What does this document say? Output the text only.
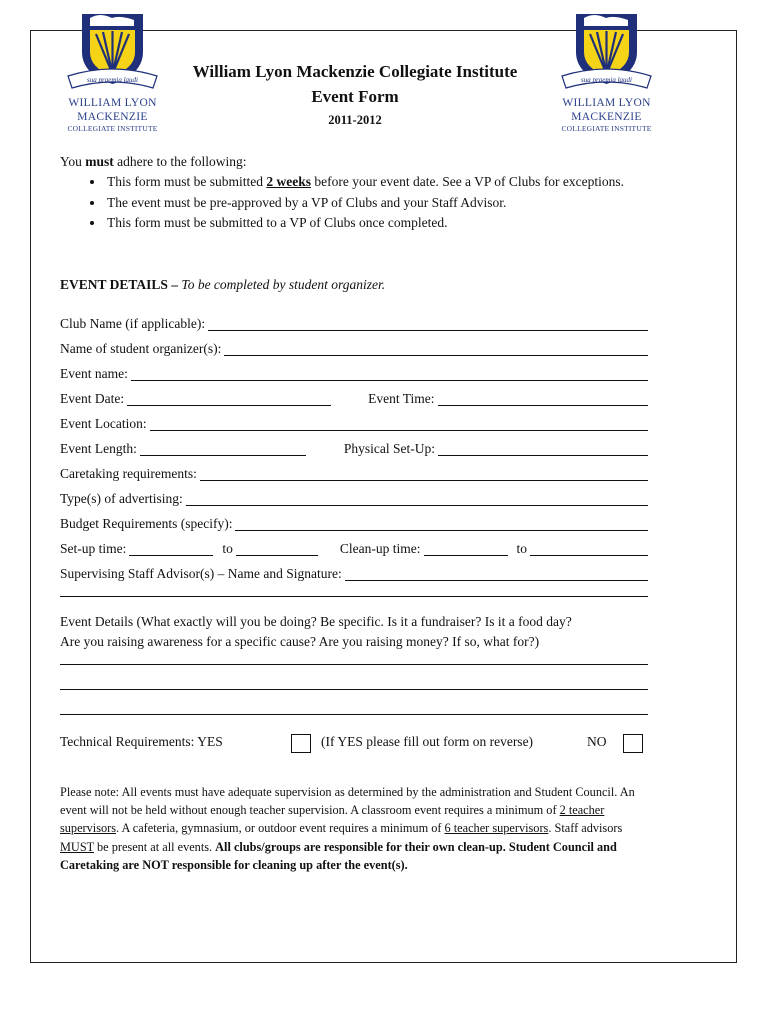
sua praemia laudi
WILLIAM LYON
MACKENZIE
COLLEGIATE INSTITUTE
sua praemia laudi
WILLIAM LYON
MACKENZIE
COLLEGIATE INSTITUTE
William Lyon Mackenzie Collegiate Institute
Event Form
2011-2012
You must adhere to the following:
• This form must be submitted 2 weeks before your event date. See a VP of Clubs for exceptions.
• The event must be pre-approved by a VP of Clubs and your Staff Advisor.
• This form must be submitted to a VP of Clubs once completed.
EVENT DETAILS – To be completed by student organizer.
Club Name (if applicable):
Name of student organizer(s):
Event name:
Event Date:	Event Time:
Event Location:
Event Length:	Physical Set-Up:
Caretaking requirements:
Type(s) of advertising:
Budget Requirements (specify):
Set-up time:	to	Clean-up time:	to
Supervising Staff Advisor(s) – Name and Signature:
Event Details (What exactly will you be doing? Be specific. Is it a fundraiser? Is it a food day?
Are you raising awareness for a specific cause? Are you raising money? If so, what for?)
Technical Requirements: YES	(If YES please fill out form on reverse)	NO
Please note: All events must have adequate supervision as determined by the administration and Student Council. An event will not be held without enough teacher supervision. A classroom event requires a minimum of 2 teacher supervisors. A cafeteria, gymnasium, or outdoor event requires a minimum of 6 teacher supervisors. Staff advisors MUST be present at all events. All clubs/groups are responsible for their own clean-up. Student Council and Caretaking are NOT responsible for cleaning up after the event(s).
